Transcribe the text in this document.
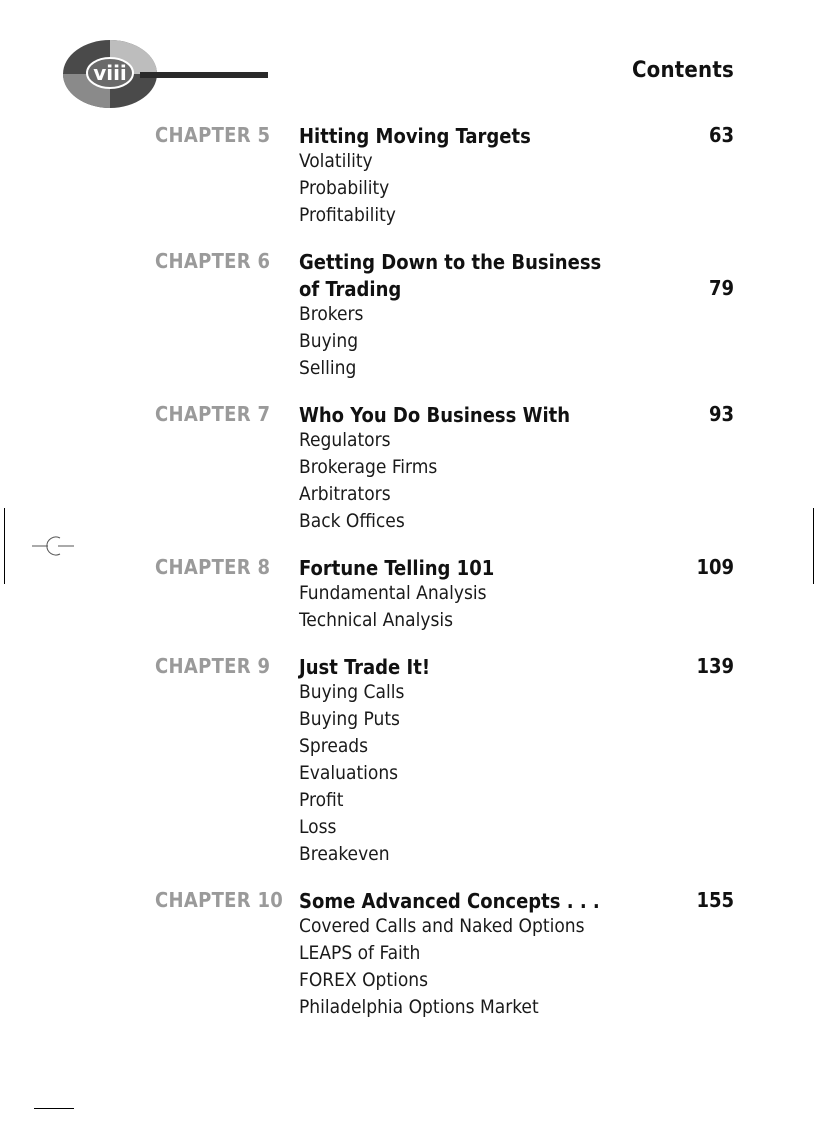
viii	Contents
CHAPTER 5 Hitting Moving Targets	63
Volatility
Probability
Profitability
CHAPTER 6 Getting Down to the Business
of Trading	79
Brokers
Buying
Selling
CHAPTER 7 Who You Do Business With	93
Regulators
Brokerage Firms
Arbitrators
Back Offices
CHAPTER 8 Fortune Telling 101	109
Fundamental Analysis
Technical Analysis
CHAPTER 9 Just Trade It!	139
Buying Calls
Buying Puts
Spreads
Evaluations
Profit
Loss
Breakeven
CHAPTER 10 Some Advanced Concepts . . .	155
Covered Calls and Naked Options
LEAPS of Faith
FOREX Options
Philadelphia Options Market
